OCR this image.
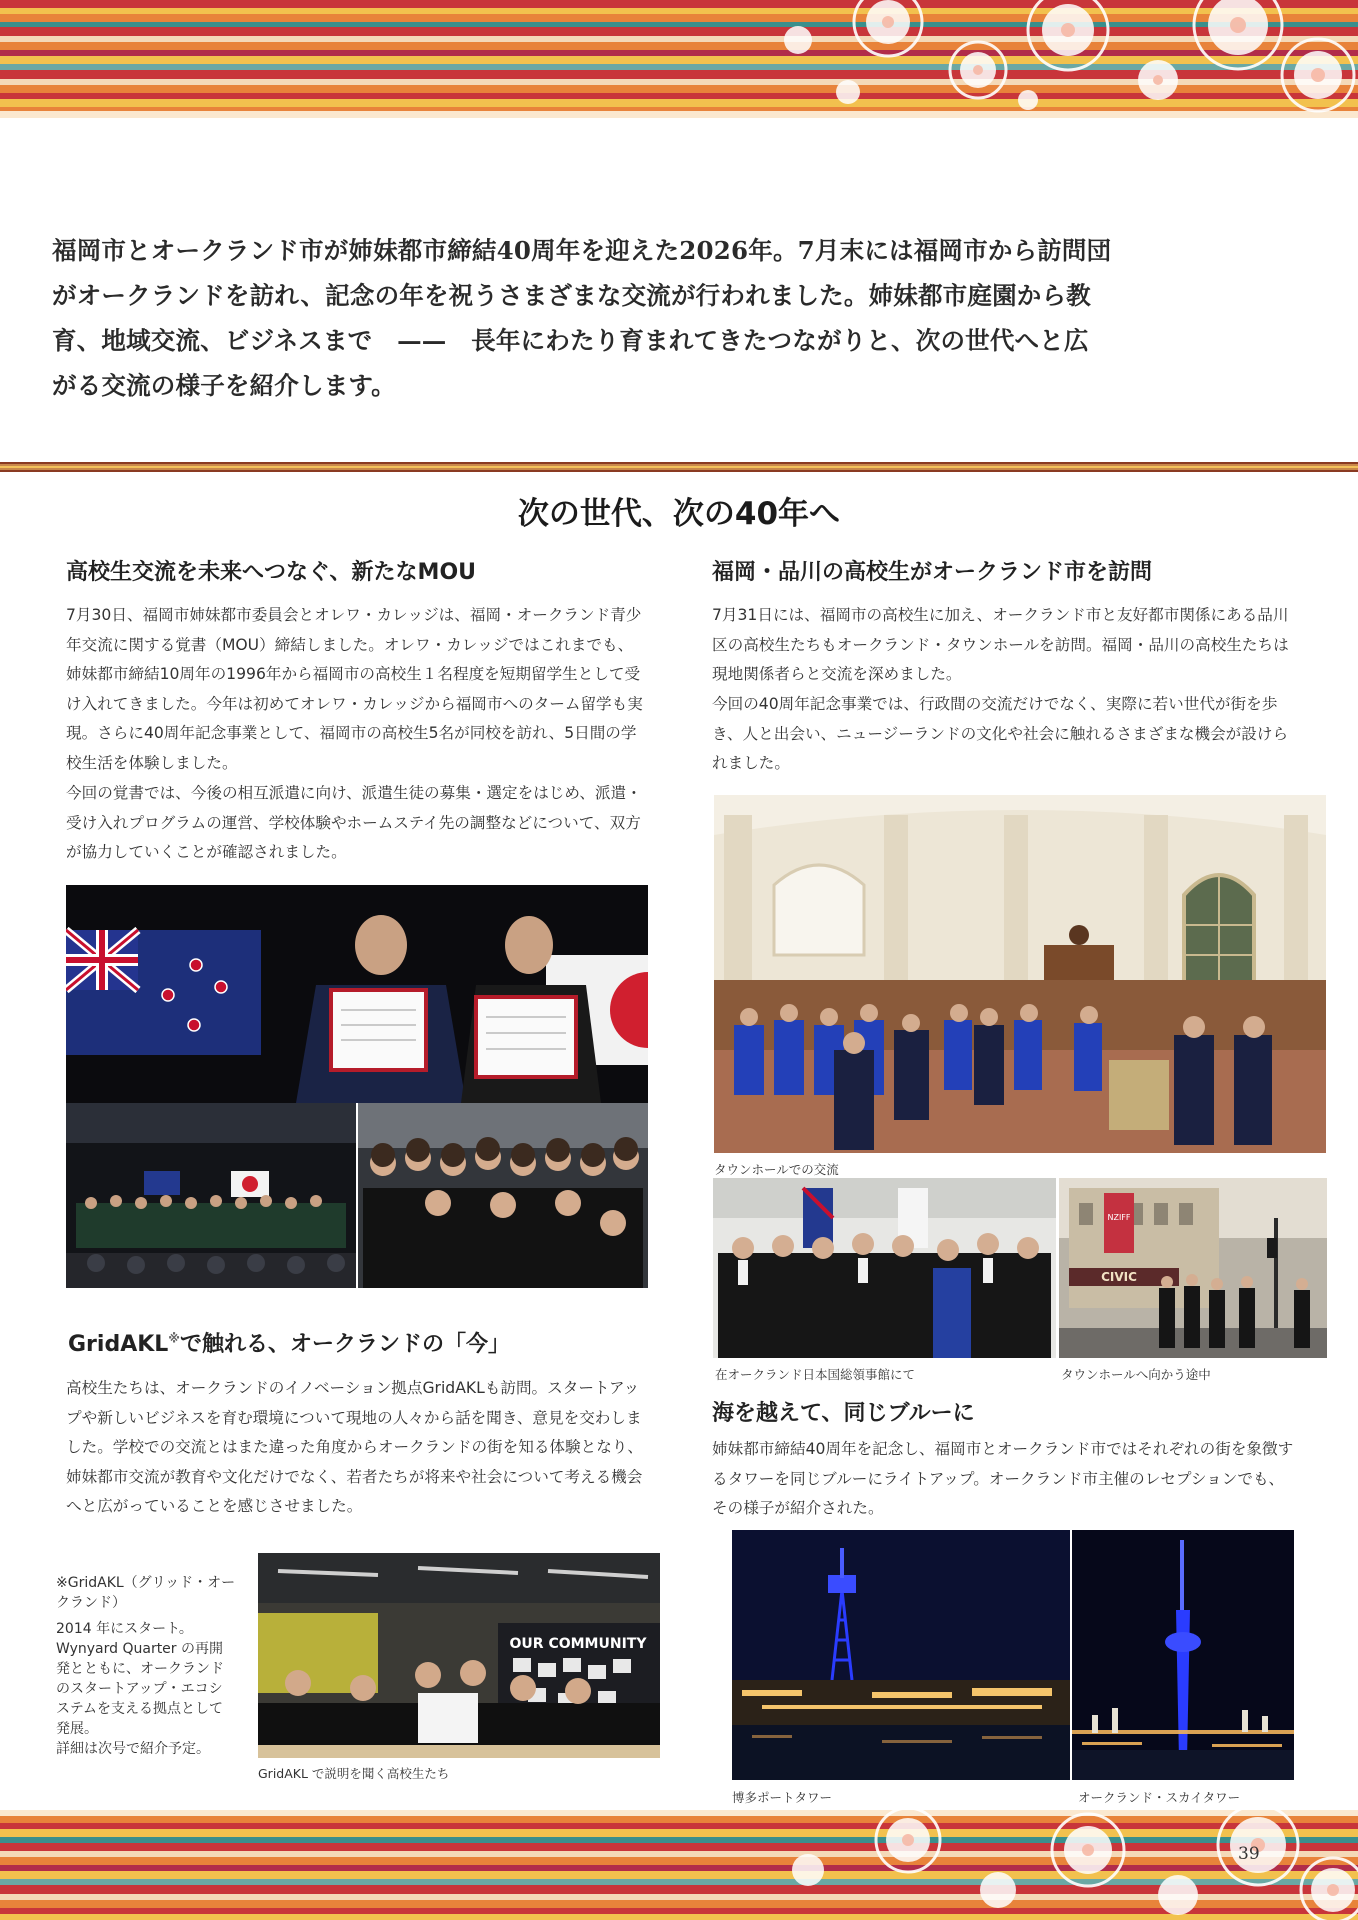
福岡市とオークランド市が姉妹都市締結40周年を迎えた2026年。7月末には福岡市から訪問団がオークランドを訪れ、記念の年を祝うさまざまな交流が行われました。姉妹都市庭園から教育、地域交流、ビジネスまで　——　長年にわたり育まれてきたつながりと、次の世代へと広がる交流の様子を紹介します。
次の世代、次の40年へ
高校生交流を未来へつなぐ、新たなMOU

7月30日、福岡市姉妹都市委員会とオレワ・カレッジは、福岡・オークランド青少年交流に関する覚書（MOU）締結しました。オレワ・カレッジではこれまでも、姉妹都市締結10周年の1996年から福岡市の高校生１名程度を短期留学生として受け入れてきました。今年は初めてオレワ・カレッジから福岡市へのターム留学も実現。さらに40周年記念事業として、福岡市の高校生5名が同校を訪れ、5日間の学校生活を体験しました。

今回の覚書では、今後の相互派遣に向け、派遣生徒の募集・選定をはじめ、派遣・受け入れプログラムの運営、学校体験やホームステイ先の調整などについて、双方が協力していくことが確認されました。

GridAKL※で触れる、オークランドの「今」

高校生たちは、オークランドのイノベーション拠点GridAKLも訪問。スタートアップや新しいビジネスを育む環境について現地の人々から話を聞き、意見を交わしました。学校での交流とはまた違った角度からオークランドの街を知る体験となり、姉妹都市交流が教育や文化だけでなく、若者たちが将来や社会について考える機会へと広がっていることを感じさせました。

※GridAKL（グリッド・オークランド）
2014 年にスタート。Wynyard Quarter の再開発とともに、オークランドのスタートアップ・エコシステムを支える拠点として発展。
詳細は次号で紹介予定。
OUR COMMUNITY
GridAKL で説明を聞く高校生たち
福岡・品川の高校生がオークランド市を訪問

7月31日には、福岡市の高校生に加え、オークランド市と友好都市関係にある品川区の高校生たちもオークランド・タウンホールを訪問。福岡・品川の高校生たちは現地関係者らと交流を深めました。

今回の40周年記念事業では、行政間の交流だけでなく、実際に若い世代が街を歩き、人と出会い、ニュージーランドの文化や社会に触れるさまざまな機会が設けられました。

タウンホールでの交流
在オークランド日本国総領事館にて
NZIFF
CIVIC
タウンホールへ向かう途中
海を越えて、同じブルーに

姉妹都市締結40周年を記念し、福岡市とオークランド市ではそれぞれの街を象徴するタワーを同じブルーにライトアップ。オークランド市主催のレセプションでも、その様子が紹介された。

博多ポートタワー	オークランド・スカイタワー
39
